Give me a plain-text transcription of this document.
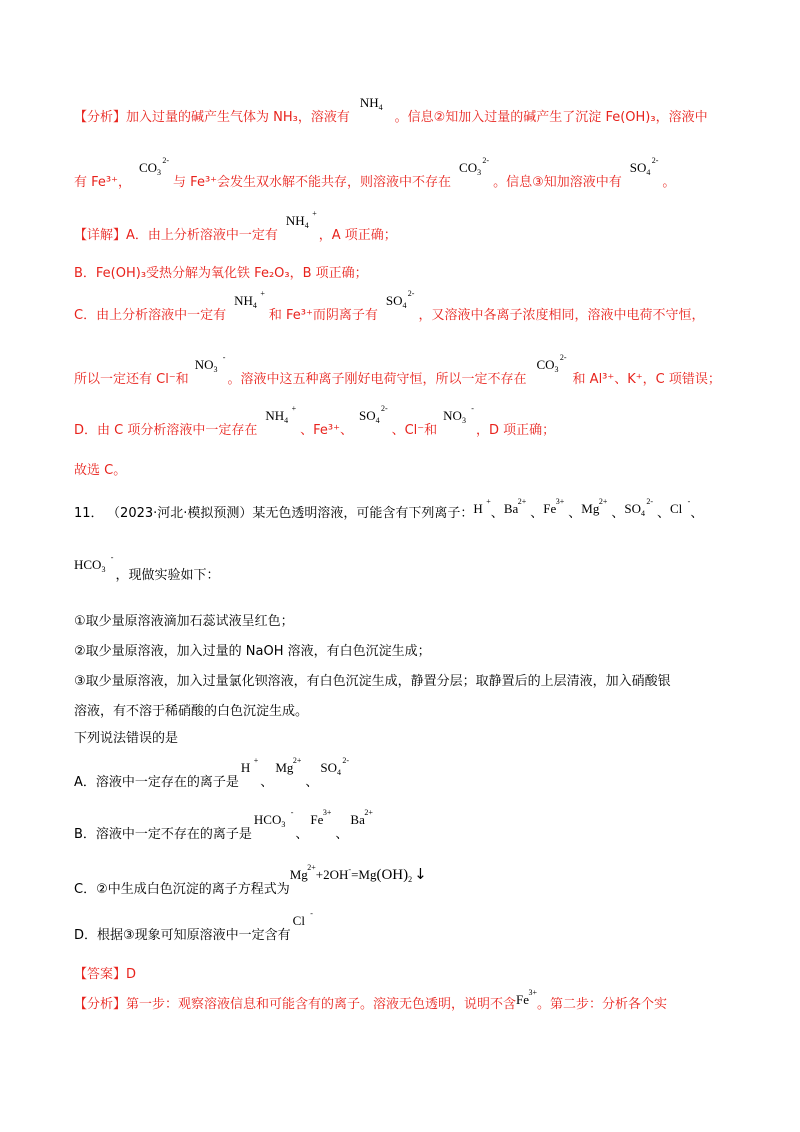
【分析】加入过量的碱产生气体为 NH₃，溶液有$NH_4$。信息②知加入过量的碱产生了沉淀 Fe(OH)₃，溶液中
有 Fe³⁺，$CO_3$
2-
与 Fe³⁺会发生双水解不能共存，则溶液中不存在$CO_3$
2-
。信息③知加溶液中有$SO_4$
2-
。
【详解】A．由上分析溶液中一定有$NH_4$
+
，A 项正确；
B．Fe(OH)₃受热分解为氧化铁 Fe₂O₃，B 项正确；
C．由上分析溶液中一定有$NH_4$
+
和 Fe³⁺而阴离子有$SO_4$
2-
，又溶液中各离子浓度相同，溶液中电荷不守恒，
所以一定还有 Cl⁻和$NO_3$
-
。溶液中这五种离子刚好电荷守恒，所以一定不存在$CO_3$
2-
和 Al³⁺、K⁺，C 项错误；
D．由 C 项分析溶液中一定存在$NH_4$
+
、Fe³⁺、$SO_4$
2-
、Cl⁻和$NO_3$
-
，D 项正确；
故选 C。
11． （2023·河北·模拟预测）某无色透明溶液，可能含有下列离子：H +
、Ba 2+
、Fe 3+
、Mg 2+
、$SO_4$
2-
、Cl -
、
$HCO_3$
-
，现做实验如下：
①取少量原溶液滴加石蕊试液呈红色；
②取少量原溶液，加入过量的 NaOH 溶液，有白色沉淀生成；
③取少量原溶液，加入过量氯化钡溶液，有白色沉淀生成，静置分层；取静置后的上层清液，加入硝酸银
溶液，有不溶于稀硝酸的白色沉淀生成。
下列说法错误的是
A．溶液中一定存在的离子是H +
、Mg 2+
、$SO_4$
2-
B．溶液中一定不存在的离子是$HCO_3$
-
、Fe 3+
、Ba 2+
C．②中生成白色沉淀的离子方程式为Mg $2+ +2OH^-=Mg(OH)_2$ ↓
D．根据③现象可知原溶液中一定含有Cl -
【答案】D
【分析】第一步：观察溶液信息和可能含有的离子。溶液无色透明，说明不含Fe 3+
。第二步：分析各个实
